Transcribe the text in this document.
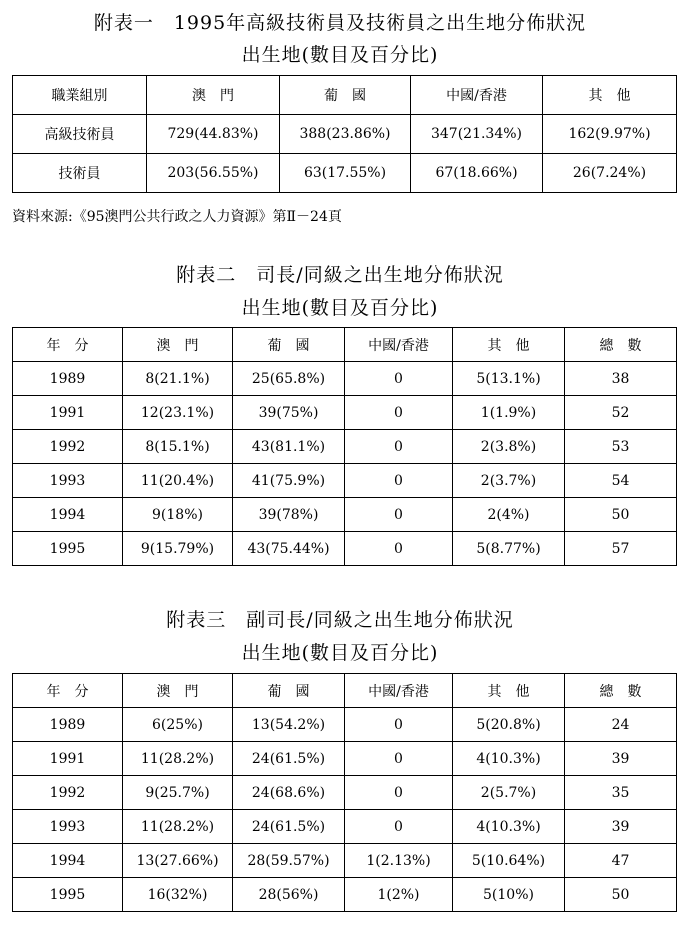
附表一　1995年高級技術員及技術員之出生地分佈狀況
出生地(數目及百分比)
職業組別	澳　門	葡　國	中國/香港	其　他
高級技術員	729(44.83%)	388(23.86%)	347(21.34%)	162(9.97%)
技術員	203(56.55%)	63(17.55%)	67(18.66%)	26(7.24%)
資料來源:《95澳門公共行政之人力資源》第Ⅱ－24頁
附表二　司長/同級之出生地分佈狀況
出生地(數目及百分比)
年　分	澳　門	葡　國	中國/香港	其　他	總　數
1989	8(21.1%)	25(65.8%)	0	5(13.1%)	38
1991	12(23.1%)	39(75%)	0	1(1.9%)	52
1992	8(15.1%)	43(81.1%)	0	2(3.8%)	53
1993	11(20.4%)	41(75.9%)	0	2(3.7%)	54
1994	9(18%)	39(78%)	0	2(4%)	50
1995	9(15.79%)	43(75.44%)	0	5(8.77%)	57
附表三　副司長/同級之出生地分佈狀況
出生地(數目及百分比)
年　分	澳　門	葡　國	中國/香港	其　他	總　數
1989	6(25%)	13(54.2%)	0	5(20.8%)	24
1991	11(28.2%)	24(61.5%)	0	4(10.3%)	39
1992	9(25.7%)	24(68.6%)	0	2(5.7%)	35
1993	11(28.2%)	24(61.5%)	0	4(10.3%)	39
1994	13(27.66%)	28(59.57%)	1(2.13%)	5(10.64%)	47
1995	16(32%)	28(56%)	1(2%)	5(10%)	50
